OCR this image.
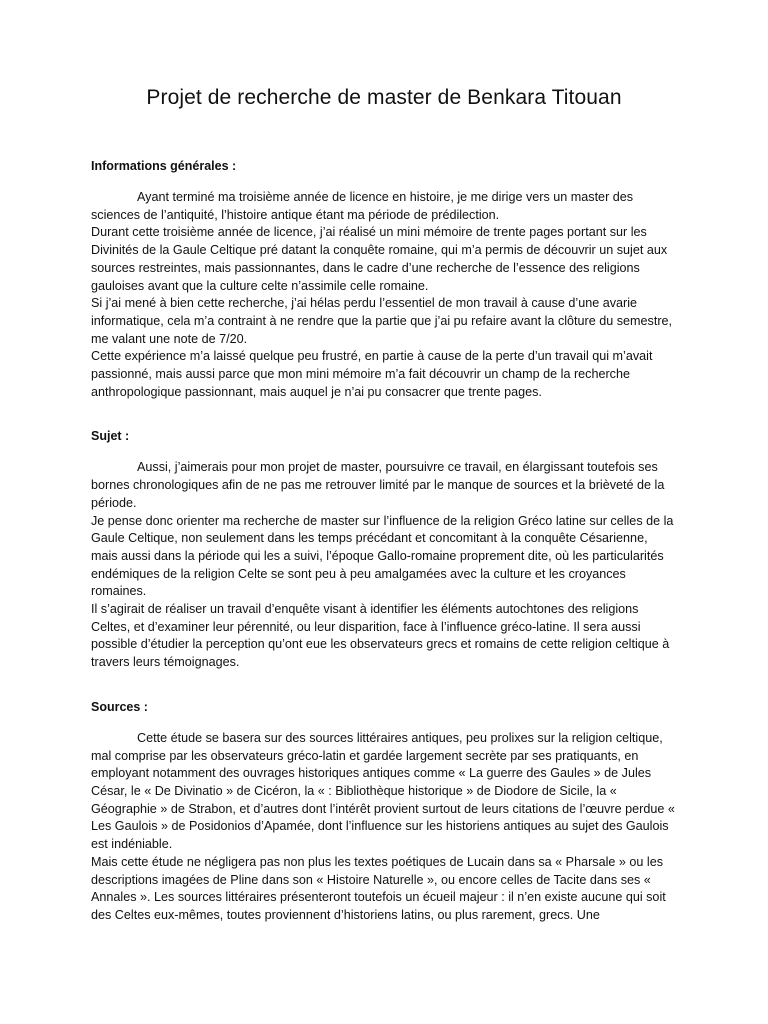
Projet de recherche de master de Benkara Titouan
Informations générales :

Ayant terminé ma troisième année de licence en histoire, je me dirige vers un master des sciences de l’antiquité, l’histoire antique étant ma période de prédilection.

Durant cette troisième année de licence, j’ai réalisé un mini mémoire de trente pages portant sur les Divinités de la Gaule Celtique pré datant la conquête romaine, qui m’a permis de découvrir un sujet aux sources restreintes, mais passionnantes, dans le cadre d’une recherche de l’essence des religions gauloises avant que la culture celte n’assimile celle romaine.

Si j’ai mené à bien cette recherche, j’ai hélas perdu l’essentiel de mon travail à cause d’une avarie informatique, cela m’a contraint à ne rendre que la partie que j’ai pu refaire avant la clôture du semestre, me valant une note de 7/20.

Cette expérience m’a laissé quelque peu frustré, en partie à cause de la perte d’un travail qui m’avait passionné, mais aussi parce que mon mini mémoire m’a fait découvrir un champ de la recherche anthropologique passionnant, mais auquel je n’ai pu consacrer que trente pages.

Sujet :

Aussi, j’aimerais pour mon projet de master, poursuivre ce travail, en élargissant toutefois ses bornes chronologiques afin de ne pas me retrouver limité par le manque de sources et la brièveté de la période.

Je pense donc orienter ma recherche de master sur l’influence de la religion Gréco latine sur celles de la Gaule Celtique, non seulement dans les temps précédant et concomitant à la conquête Césarienne, mais aussi dans la période qui les a suivi, l’époque Gallo-romaine proprement dite, où les particularités endémiques de la religion Celte se sont peu à peu amalgamées avec la culture et les croyances romaines.

Il s’agirait de réaliser un travail d’enquête visant à identifier les éléments autochtones des religions Celtes, et d’examiner leur pérennité, ou leur disparition, face à l’influence gréco-latine. Il sera aussi possible d’étudier la perception qu’ont eue les observateurs grecs et romains de cette religion celtique à travers leurs témoignages.

Sources :

Cette étude se basera sur des sources littéraires antiques, peu prolixes sur la religion celtique, mal comprise par les observateurs gréco-latin et gardée largement secrète par ses pratiquants, en employant notamment des ouvrages historiques antiques comme « La guerre des Gaules » de Jules César, le « De Divinatio » de Cicéron, la « : Bibliothèque historique » de Diodore de Sicile, la « Géographie » de Strabon, et d’autres dont l’intérêt provient surtout de leurs citations de l’œuvre perdue « Les Gaulois » de Posidonios d’Apamée, dont l’influence sur les historiens antiques au sujet des Gaulois est indéniable.

Mais cette étude ne négligera pas non plus les textes poétiques de Lucain dans sa « Pharsale » ou les descriptions imagées de Pline dans son « Histoire Naturelle », ou encore celles de Tacite dans ses « Annales ». Les sources littéraires présenteront toutefois un écueil majeur : il n’en existe aucune qui soit des Celtes eux-mêmes, toutes proviennent d’historiens latins, ou plus rarement, grecs. Une
